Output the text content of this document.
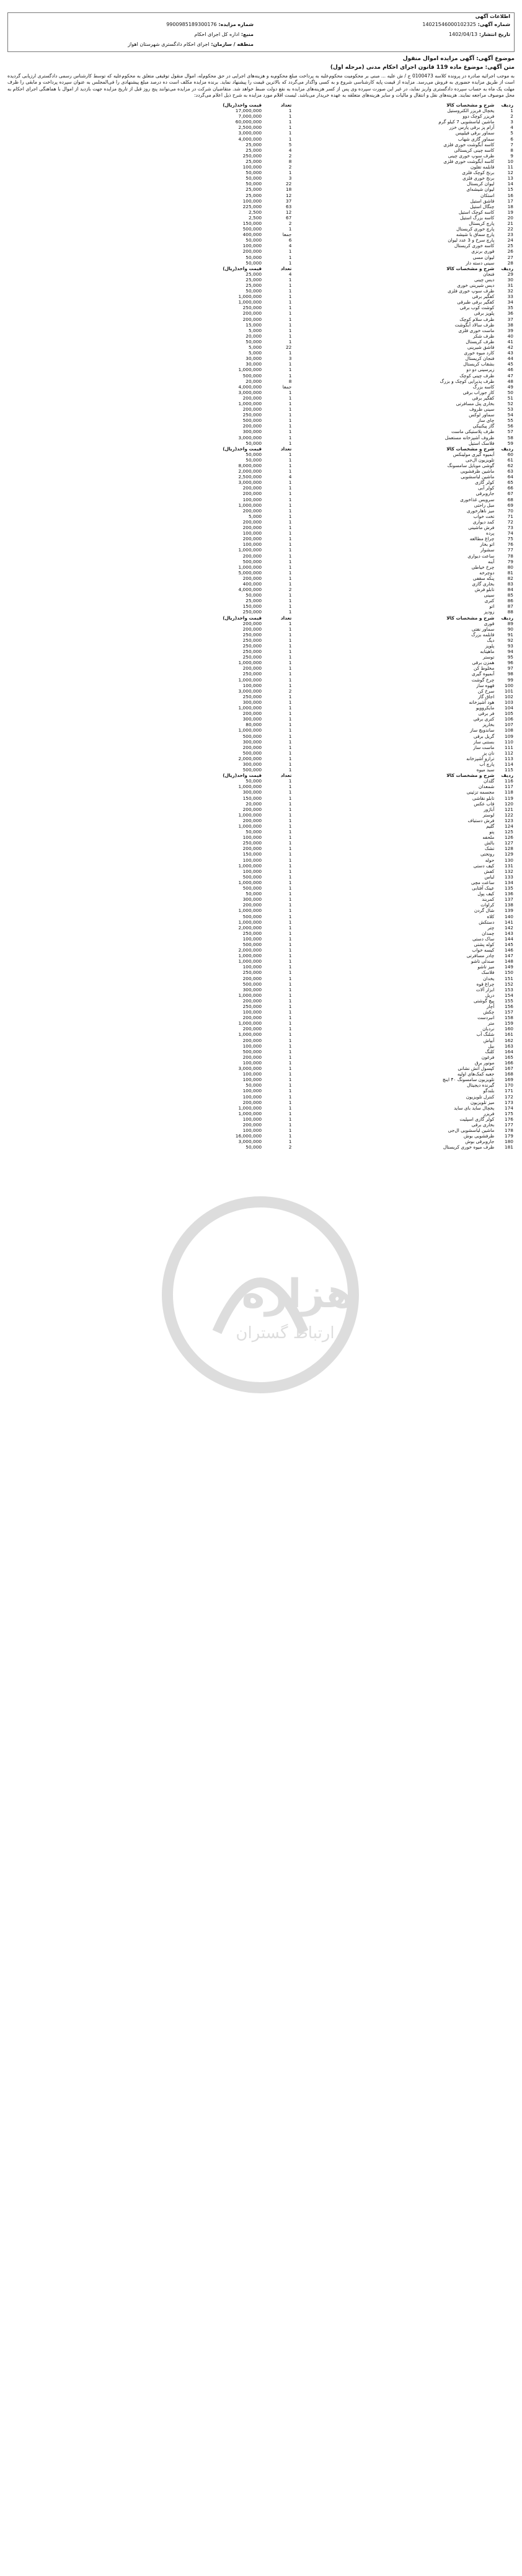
هزاره
ارتباط گستران
اطلاعات آگهی
شماره آگهی: 14021546000102325
شماره مزایده: 9900985189300176
تاریخ انتشار: 1402/04/13
منبع: اداره کل اجرای احکام
منطقه / سازمان: اجرای احکام دادگستری شهرستان اهواز
موضوع آگهی: آگهی مزایده اموال منقول
متن آگهی: موضوع ماده 119 قانون اجرای احکام مدنی (مرحله اول)
به موجب اجرائیه صادره در پرونده کلاسه 0100473 ج / ش علیه ... مبنی بر محکومیت محکوم‌علیه به پرداخت مبلغ محکوم‌به و هزینه‌های اجرایی در حق محکوم‌له، اموال منقول توقیفی متعلق به محکوم‌علیه که توسط کارشناس رسمی دادگستری ارزیابی گردیده است از طریق مزایده حضوری به فروش می‌رسد. مزایده از قیمت پایه کارشناسی شروع و به کسی واگذار می‌گردد که بالاترین قیمت را پیشنهاد نماید. برنده مزایده مکلف است ده درصد مبلغ پیشنهادی را فی‌المجلس به عنوان سپرده پرداخت و مابقی را ظرف مهلت یک ماه به حساب سپرده دادگستری واریز نماید، در غیر این صورت سپرده وی پس از کسر هزینه‌های مزایده به نفع دولت ضبط خواهد شد. متقاضیان شرکت در مزایده می‌توانند پنج روز قبل از تاریخ مزایده جهت بازدید از اموال با هماهنگی اجرای احکام به محل موصوف مراجعه نمایند. هزینه‌های نقل و انتقال و مالیات و سایر هزینه‌های متعلقه به عهده خریدار می‌باشد. لیست اقلام مورد مزایده به شرح ذیل اعلام می‌گردد:
ردیف	شرح و مشخصات کالا		تعداد	قیمت واحد(ریال)
1	یخچال فریزر الکتروستیل		1	17,000,000
2	فریزر کوچک دوو		1	7,000,000
3	ماشین لباسشویی 7 کیلو گرم		1	60,000,000
4	آرام پز برقی پارس خزر		1	2,500,000
5	سماور برقی فیلیپس		1	3,000,000
6	سماور گازی شهاب		1	4,000,000
7	کاسه آبگوشت خوری فلزی		5	25,000
8	کاسه چینی کریستالی		4	25,000
9	ظرف سوپ خوری چینی		2	250,000
10	کاسه آبگوشت خوری فلزی		8	25,000
11	قابلمه تفلون		2	100,000
12	برنج کوچک فلزی		1	50,000
13	برنج خوری فلزی		3	50,000
14	لیوان کریستال		22	50,000
15	لیوان شیشه‌ای		18	25,000
16	استکان		12	25,000
17	قاشق استیل		37	100,000
18	چنگال استیل		63	225,000
19	کاسه کوچک استیل		12	2,500
20	کاسه بزرگ استیل		67	2,500
21	پارچ کریستال		2	150,000
22	پارچ خوری کریستال		1	500,000
23	پارچ سماق با شیشه		جمعا	400,000
24	پارچ سرخ و 3 عدد لیوان		6	50,000
25	کاسه خوری کریستال		4	100,000
26	قوری برنزی		1	200,000
27	لیوان مسی		1	50,000
28	سینی دسته دار		1	50,000
ردیف	شرح و مشخصات کالا		تعداد	قیمت واحد(ریال)
29	فنجان		4	25,000
30	دیس چینی		1	25,000
31	دیس شیرینی خوری		1	25,000
32	ظرف سوپ خوری فلزی		1	50,000
33	کفگیر برقی		1	1,000,000
34	کفگیر برقی طبرقی		1	1,000,000
35	کوشت کوب برقی		1	250,000
36	پلوپز برقی		1	200,000
37	ظرف سلام کوچک		1	200,000
38	ظرف سالاد آبگوشت		1	15,000
39	ماست خوری فلزی		1	5,000
40	ظرف شکر		1	20,000
41	ظرف کریستال		1	50,000
42	قاشق شیرینی		22	5,000
43	کارد میوه خوری		1	5,000
44	فنجان کریستال		3	30,000
45	بشقاب کریستال		1	30,000
46	زیرسینی دو دو		1	1,000,000
47	ظرف چینی کوچک		1	500,000
48	ظرف پذیرایی کوچک و بزرگ		8	20,000
49	کاسه بزرگ		جمعا	4,000,000
50	کار جوراب برقی		1	3,000,000
51	کفگیر برقی		1	200,000
52	بخاری پنل مسافرتی		1	1,000,000
53	سینی ظروف		1	200,000
54	سماور لوکس		1	250,000
55	چای ساز		1	500,000
56	گاز پیکنیکی		1	200,000
57	ظرف پلاستیکی ماست		1	300,000
58	ظروف آشپزخانه مستعمل		1	3,000,000
59	فلاسک استیل		1	50,000
ردیف	شرح و مشخصات کالا		تعداد	قیمت واحد(ریال)
60	آبمیوه گیری مولینکس		1	50,000
61	تلویزیون ال‌جی		1	50,000
62	گوشی موبایل سامسونگ		1	8,000,000
63	ماشین ظرفشویی		1	2,000,000
64	ماشین لباسشویی		4	2,500,000
65	کولر گازی		1	3,000,000
66	کولر آبی		1	200,000
67	جاروبرقی		1	200,000
68	سرویس غذاخوری		1	100,000
69	مبل راحتی		1	1,000,000
70	میز ناهارخوری		1	200,000
71	تخت خواب		1	5,000
72	کمد دیواری		1	200,000
73	فرش ماشینی		1	200,000
74	پرده		1	100,000
75	چراغ مطالعه		1	200,000
76	اتو بخار		1	100,000
77	سشوار		1	1,000,000
78	ساعت دیواری		1	200,000
79	آینه		1	500,000
80	چرخ خیاطی		1	1,000,000
81	دوچرخه		1	5,000,000
82	پنکه سقفی		1	200,000
83	بخاری گازی		1	400,000
84	تابلو فرش		2	4,000,000
85	سینی		1	50,000
86	کتری		1	25,000
87	اتو		1	150,000
88	زودپز		1	250,000
ردیف	شرح و مشخصات کالا		تعداد	قیمت واحد(ریال)
89	قوری		1	200,000
90	سماور نفتی		1	200,000
91	قابلمه بزرگ		1	250,000
92	دیگ		1	250,000
93	پلوپز		1	250,000
94	ماهیتابه		1	250,000
95	توستر		1	250,000
96	همزن برقی		1	1,000,000
97	مخلوط کن		1	200,000
98	آبمیوه گیری		1	250,000
99	چرخ گوشت		1	1,000,000
100	قهوه ساز		1	100,000
101	سرخ کن		2	3,000,000
102	اجاق گاز		1	250,000
103	هود آشپزخانه		1	300,000
104	مایکروویو		1	1,000,000
105	فر برقی		1	200,000
106	کتری برقی		1	300,000
107	بخارپز		1	80,000
108	ساندویچ ساز		1	1,000,000
109	گریل برقی		1	500,000
110	بستنی ساز		1	300,000
111	ماست ساز		1	200,000
112	نان پز		1	500,000
113	ترازو آشپزخانه		1	2,000,000
114	پارچ آب		1	300,000
115	سبد میوه		1	500,000
ردیف	شرح و مشخصات کالا		تعداد	قیمت واحد(ریال)
116	گلدان		1	50,000
117	شمعدان		1	1,000,000
118	مجسمه تزئینی		1	300,000
119	تابلو نقاشی		1	150,000
120	قاب عکس		1	20,000
121	آباژور		1	200,000
122	لوستر		1	1,000,000
123	فرش دستباف		1	200,000
124	گلیم		1	1,000,000
125	پتو		1	50,000
126	ملحفه		1	100,000
127	بالش		1	250,000
128	تشک		1	200,000
129	روتختی		1	150,000
130	حوله		1	100,000
131	کیف دستی		1	1,000,000
132	کفش		1	100,000
133	لباس		1	500,000
134	ساعت مچی		1	1,000,000
135	عینک آفتابی		1	500,000
136	کیف پول		1	50,000
137	کمربند		1	300,000
138	کراوات		1	200,000
139	شال گردن		1	1,000,000
140	کلاه		1	500,000
141	دستکش		1	1,000,000
142	چتر		1	2,000,000
143	چمدان		1	250,000
144	ساک دستی		1	100,000
145	کوله پشتی		1	500,000
146	کیسه خواب		1	2,000,000
147	چادر مسافرتی		1	1,000,000
148	صندلی تاشو		1	1,000,000
149	میز تاشو		1	100,000
150	فلاسک		1	250,000
151	یخدان		1	200,000
152	چراغ قوه		1	500,000
153	ابزار آلات		1	300,000
154	دریل		1	1,000,000
155	پیچ گوشتی		1	200,000
156	آچار		1	250,000
157	چکش		1	100,000
158	انبردست		1	200,000
159	متر		1	1,000,000
160	نردبان		1	200,000
161	شلنگ آب		1	1,000,000
162	آبپاش		1	200,000
163	بیل		1	100,000
164	کلنگ		1	500,000
165	فرغون		1	200,000
166	موتور برق		1	100,000
167	کپسول آتش نشانی		1	3,000,000
168	جعبه کمک‌های اولیه		1	100,000
169	تلویزیون سامسونگ ۴۰ اینچ		1	100,000
170	گیرنده دیجیتال		1	50,000
171	بلندگو		1	100,000
172	کنترل تلویزیون		1	100,000
173	میز تلویزیون		1	200,000
174	یخچال ساید بای ساید		1	1,000,000
175	فریزر		1	1,000,000
176	کولر گازی اسپلیت		1	100,000
177	بخاری برقی		1	200,000
178	ماشین لباسشویی ال‌جی		1	100,000
179	ظرفشویی بوش		1	16,000,000
180	جاروبرقی بوش		1	3,000,000
181	ظرف میوه خوری کریستال		2	50,000
